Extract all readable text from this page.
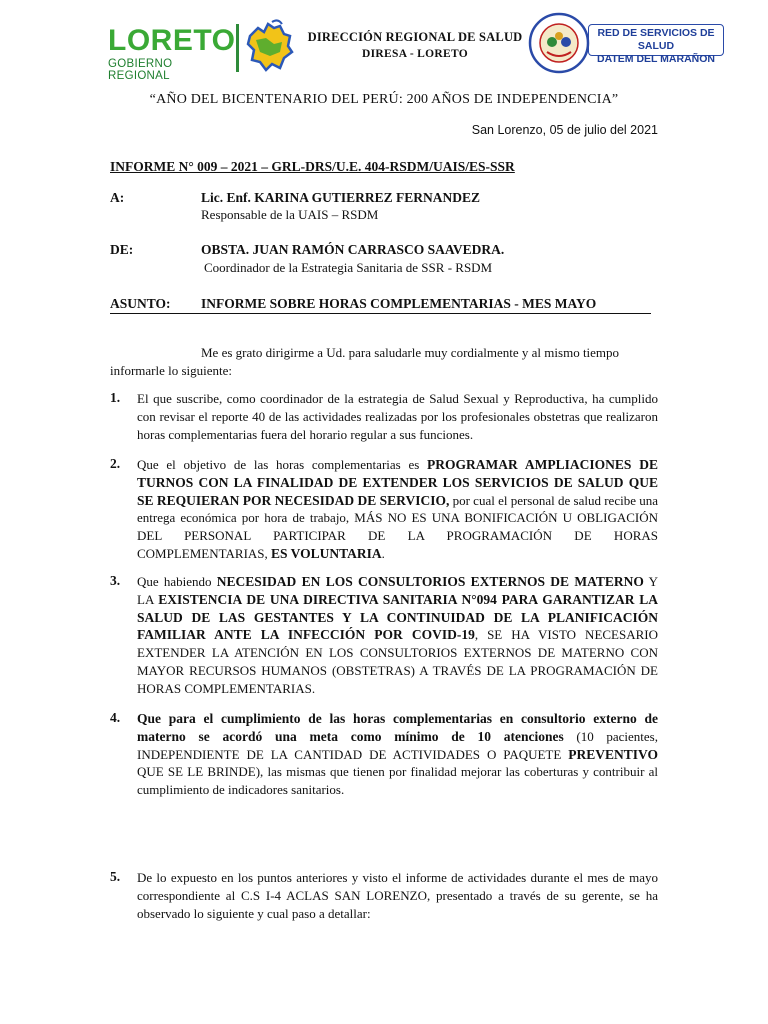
LORETO
GOBIERNO REGIONAL
DIRECCIÓN REGIONAL DE SALUD
DIRESA - LORETO
RED DE SERVICIOS DE SALUD
DATEM DEL MARAÑON
“AÑO DEL BICENTENARIO DEL PERÚ: 200 AÑOS DE INDEPENDENCIA”
San Lorenzo, 05 de julio del 2021
INFORME N° 009 – 2021 – GRL-DRS/U.E. 404-RSDM/UAIS/ES-SSR
A:	Lic. Enf. KARINA GUTIERREZ FERNANDEZ
Responsable de la UAIS – RSDM
DE:	OBSTA. JUAN RAMÓN CARRASCO SAAVEDRA.
Coordinador de la Estrategia Sanitaria de SSR - RSDM
ASUNTO: INFORME SOBRE HORAS COMPLEMENTARIAS - MES MAYO
Me es grato dirigirme a Ud. para saludarle muy cordialmente y al mismo tiempo
informarle lo siguiente:
1. El que suscribe, como coordinador de la estrategia de Salud Sexual y Reproductiva, ha cumplido con revisar el reporte 40 de las actividades realizadas por los profesionales obstetras que realizaron horas complementarias fuera del horario regular a sus funciones.
2. Que el objetivo de las horas complementarias es PROGRAMAR AMPLIACIONES DE TURNOS CON LA FINALIDAD DE EXTENDER LOS SERVICIOS DE SALUD QUE SE REQUIERAN POR NECESIDAD DE SERVICIO, por cual el personal de salud recibe una entrega económica por hora de trabajo, MÁS NO ES UNA BONIFICACIÓN U OBLIGACIÓN DEL PERSONAL PARTICIPAR DE LA PROGRAMACIÓN DE HORAS COMPLEMENTARIAS, ES VOLUNTARIA.
3. Que habiendo NECESIDAD EN LOS CONSULTORIOS EXTERNOS DE MATERNO Y LA EXISTENCIA DE UNA DIRECTIVA SANITARIA N°094 PARA GARANTIZAR LA SALUD DE LAS GESTANTES Y LA CONTINUIDAD DE LA PLANIFICACIÓN FAMILIAR ANTE LA INFECCIÓN POR COVID-19, SE HA VISTO NECESARIO EXTENDER LA ATENCIÓN EN LOS CONSULTORIOS EXTERNOS DE MATERNO CON MAYOR RECURSOS HUMANOS (OBSTETRAS) A TRAVÉS DE LA PROGRAMACIÓN DE HORAS COMPLEMENTARIAS.
4. Que para el cumplimiento de las horas complementarias en consultorio externo de materno se acordó una meta como mínimo de 10 atenciones (10 pacientes, INDEPENDIENTE DE LA CANTIDAD DE ACTIVIDADES O PAQUETE PREVENTIVO QUE SE LE BRINDE), las mismas que tienen por finalidad mejorar las coberturas y contribuir al cumplimiento de indicadores sanitarios.
5. De lo expuesto en los puntos anteriores y visto el informe de actividades durante el mes de mayo correspondiente al C.S I-4 ACLAS SAN LORENZO, presentado a través de su gerente, se ha observado lo siguiente y cual paso a detallar:
